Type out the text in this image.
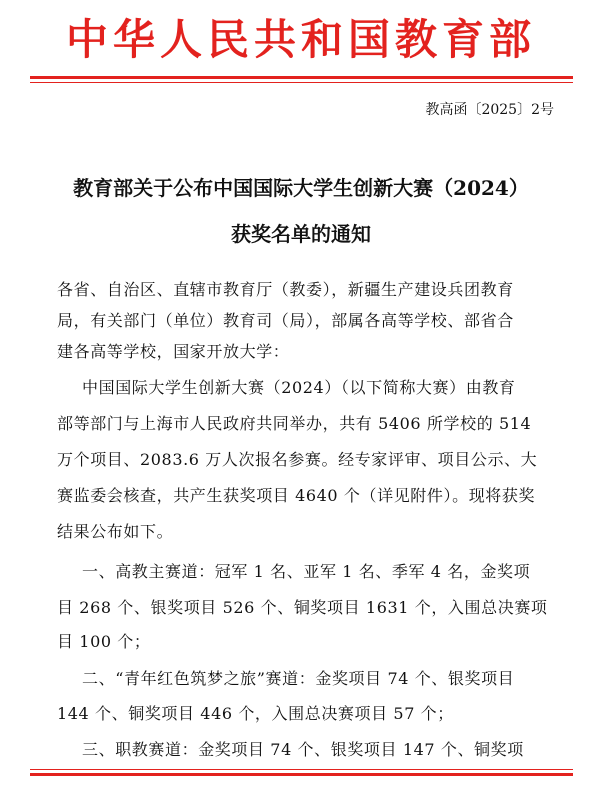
中华人民共和国教育部
教高函〔2025〕2号
教育部关于公布中国国际大学生创新大赛（2024）
获奖名单的通知
各省、自治区、直辖市教育厅（教委），新疆生产建设兵团教育
局，有关部门（单位）教育司（局），部属各高等学校、部省合
建各高等学校，国家开放大学：
中国国际大学生创新大赛（2024）（以下简称大赛）由教育
部等部门与上海市人民政府共同举办，共有 5406 所学校的 514
万个项目、2083.6 万人次报名参赛。经专家评审、项目公示、大
赛监委会核查，共产生获奖项目 4640 个（详见附件）。现将获奖
结果公布如下。
一、高教主赛道：冠军 1 名、亚军 1 名、季军 4 名，金奖项
目 268 个、银奖项目 526 个、铜奖项目 1631 个，入围总决赛项
目 100 个；
二、“青年红色筑梦之旅”赛道：金奖项目 74 个、银奖项目
144 个、铜奖项目 446 个，入围总决赛项目 57 个；
三、职教赛道：金奖项目 74 个、银奖项目 147 个、铜奖项
